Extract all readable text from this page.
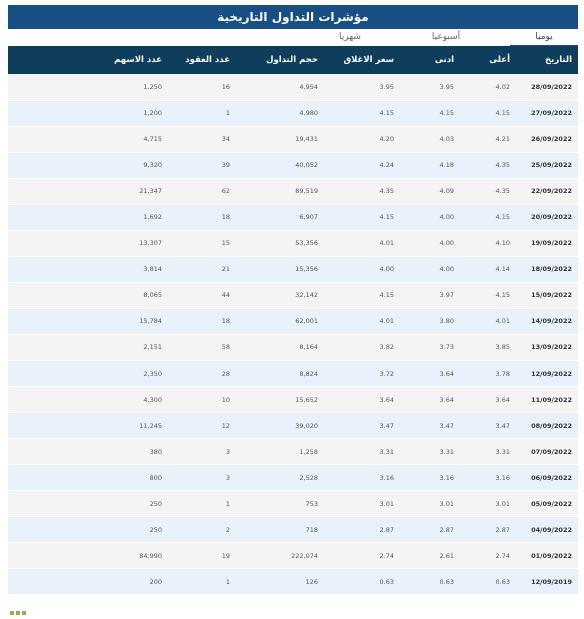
مؤشرات التداول التاريخية
يوميا
أسبوعيا
شهريا
التاريخ	أعلى	ادنى	سعر الاغلاق	حجم التداول	عدد العقود	عدد الاسهم
28/09/2022	4.02	3.95	3.95	4,954	16	1,250
27/09/2022	4.15	4.15	4.15	4,980	1	1,200
26/09/2022	4.21	4.03	4.20	19,431	34	4,715
25/09/2022	4.35	4.18	4.24	40,052	39	9,320
22/09/2022	4.35	4.09	4.35	89,519	62	21,347
20/09/2022	4.15	4.00	4.15	6,907	18	1,692
19/09/2022	4.10	4.00	4.01	53,356	15	13,307
18/09/2022	4.14	4.00	4.00	15,356	21	3,814
15/09/2022	4.15	3.97	4.15	32,142	44	8,065
14/09/2022	4.01	3.80	4.01	62,001	18	15,784
13/09/2022	3.85	3.73	3.82	8,164	58	2,151
12/09/2022	3.78	3.64	3.72	8,824	28	2,350
11/09/2022	3.64	3.64	3.64	15,652	10	4,300
08/09/2022	3.47	3.47	3.47	39,020	12	11,245
07/09/2022	3.31	3.31	3.31	1,258	3	380
06/09/2022	3.16	3.16	3.16	2,528	3	800
05/09/2022	3.01	3.01	3.01	753	1	250
04/09/2022	2.87	2.87	2.87	718	2	250
01/09/2022	2.74	2.61	2.74	222,074	19	84,990
12/09/2019	0.63	0.63	0.63	126	1	200
